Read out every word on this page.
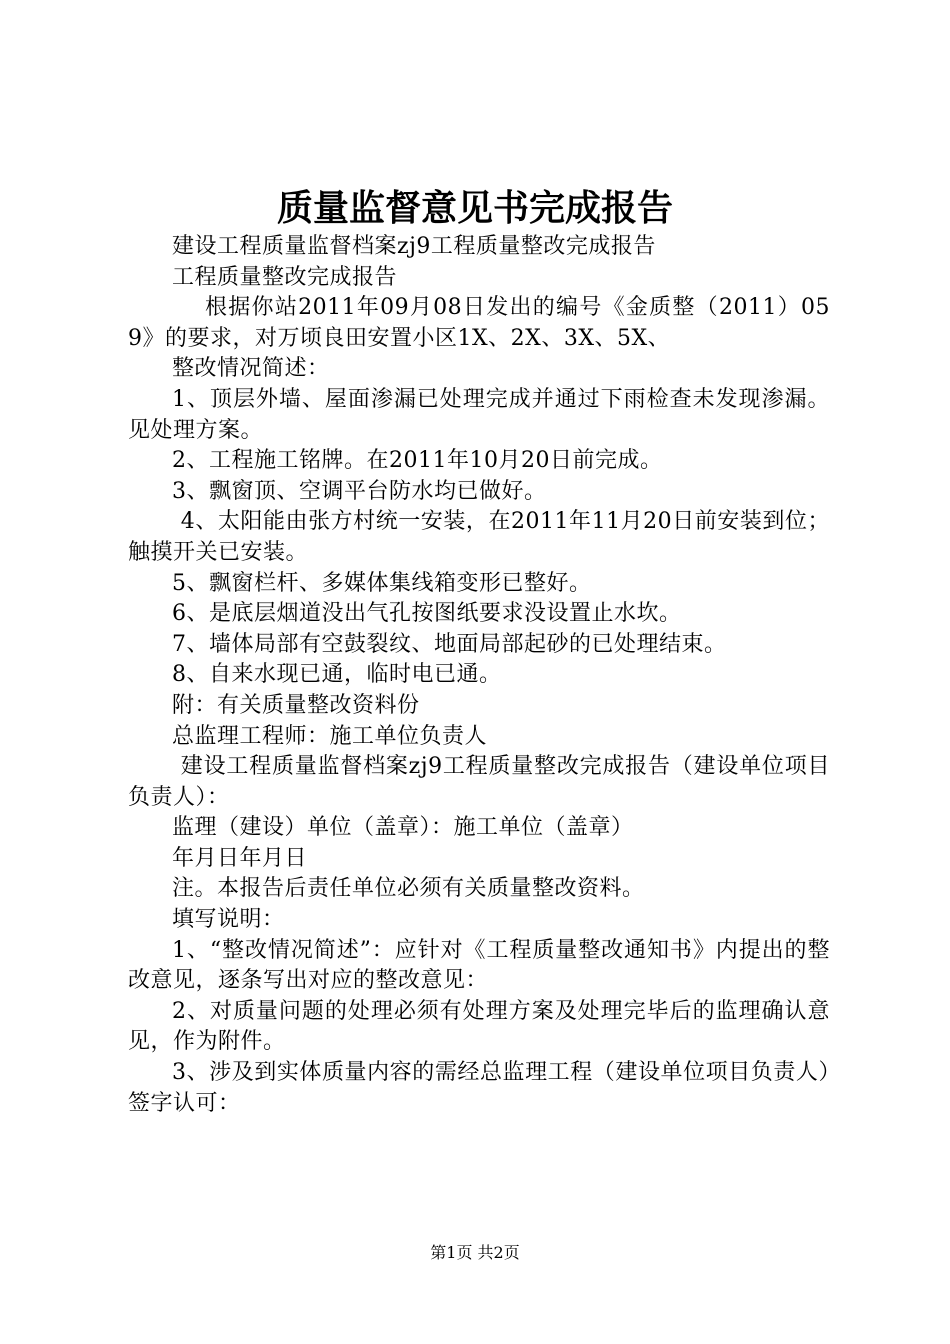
质量监督意见书完成报告

建设工程质量监督档案zj9工程质量整改完成报告

工程质量整改完成报告

根据你站2011年09月08日发出的编号《金质整（2011）059》的要求，对万顷良田安置小区1X、2X、3X、5X、

整改情况简述：

1、顶层外墙、屋面渗漏已处理完成并通过下雨检查未发现渗漏。见处理方案。

2、工程施工铭牌。在2011年10月20日前完成。

3、飘窗顶、空调平台防水均已做好。

4、太阳能由张方村统一安装，在2011年11月20日前安装到位；触摸开关已安装。

5、飘窗栏杆、多媒体集线箱变形已整好。

6、是底层烟道没出气孔按图纸要求没设置止水坎。

7、墙体局部有空鼓裂纹、地面局部起砂的已处理结束。

8、自来水现已通，临时电已通。

附：有关质量整改资料份

总监理工程师：施工单位负责人

建设工程质量监督档案zj9工程质量整改完成报告（建设单位项目负责人）：

监理（建设）单位（盖章）：施工单位（盖章）

年月日年月日

注。本报告后责任单位必须有关质量整改资料。

填写说明：

1、“整改情况简述”：应针对《工程质量整改通知书》内提出的整改意见，逐条写出对应的整改意见：

2、对质量问题的处理必须有处理方案及处理完毕后的监理确认意见，作为附件。

3、涉及到实体质量内容的需经总监理工程（建设单位项目负责人）签字认可：

第1页 共2页
